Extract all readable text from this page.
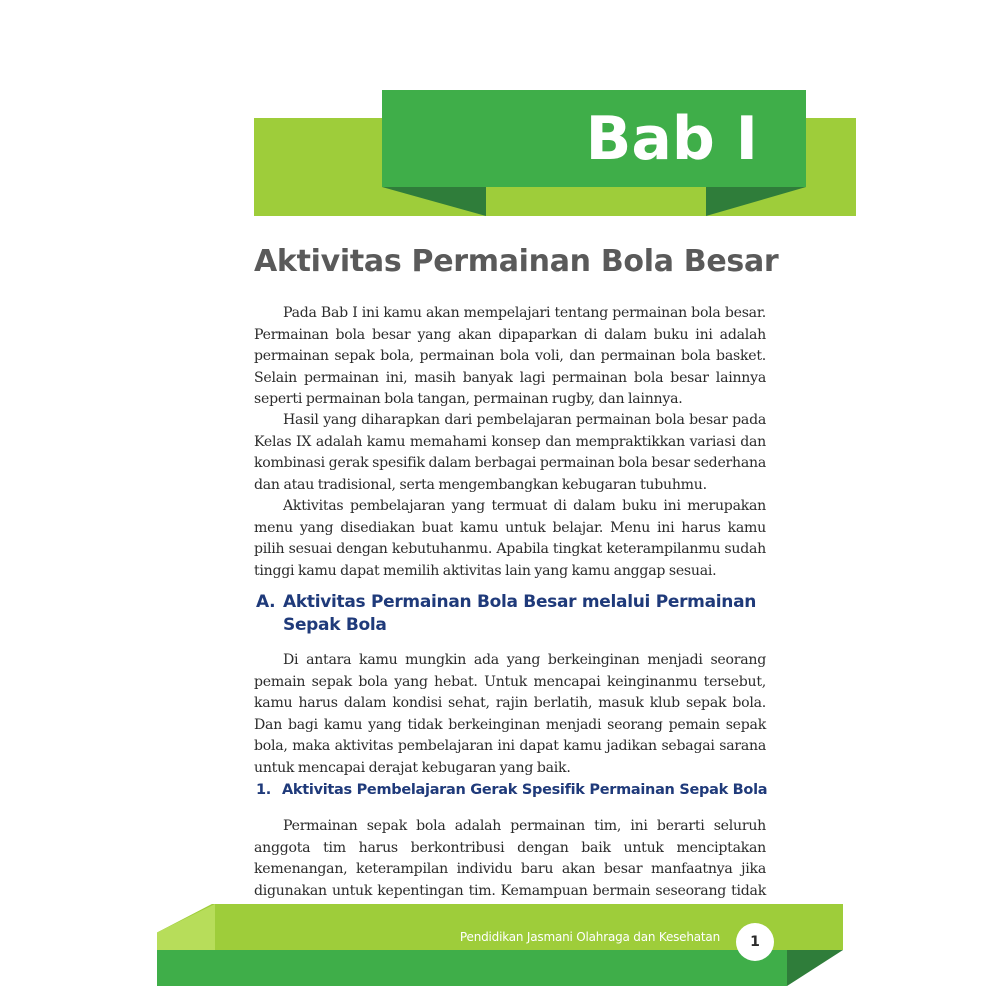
Bab I
Aktivitas Permainan Bola Besar

Pada Bab I ini kamu akan mempelajari tentang permainan bola besar. Permainan bola besar yang akan dipaparkan di dalam buku ini adalah permainan sepak bola, permainan bola voli, dan permainan bola basket. Selain permainan ini, masih banyak lagi permainan bola besar lainnya seperti permainan bola tangan, permainan rugby, dan lainnya.

Hasil yang diharapkan dari pembelajaran permainan bola besar pada Kelas IX adalah kamu memahami konsep dan mempraktikkan variasi dan kombinasi gerak spesifik dalam berbagai permainan bola besar sederhana dan atau tradisional, serta mengembangkan kebugaran tubuhmu.

Aktivitas pembelajaran yang termuat di dalam buku ini merupakan menu yang disediakan buat kamu untuk belajar. Menu ini harus kamu pilih sesuai dengan kebutuhanmu. Apabila tingkat keterampilanmu sudah tinggi kamu dapat memilih aktivitas lain yang kamu anggap sesuai.

A. Aktivitas Permainan Bola Besar melalui Permainan Sepak Bola

Di antara kamu mungkin ada yang berkeinginan menjadi seorang pemain sepak bola yang hebat. Untuk mencapai keinginanmu tersebut, kamu harus dalam kondisi sehat, rajin berlatih, masuk klub sepak bola. Dan bagi kamu yang tidak berkeinginan menjadi seorang pemain sepak bola, maka aktivitas pembelajaran ini dapat kamu jadikan sebagai sarana untuk mencapai derajat kebugaran yang baik.

1. Aktivitas Pembelajaran Gerak Spesifik Permainan Sepak Bola

Permainan sepak bola adalah permainan tim, ini berarti seluruh anggota tim harus berkontribusi dengan baik untuk menciptakan kemenangan, keterampilan individu baru akan besar manfaatnya jika digunakan untuk kepentingan tim. Kemampuan bermain seseorang tidak

Pendidikan Jasmani Olahraga dan Kesehatan	1
